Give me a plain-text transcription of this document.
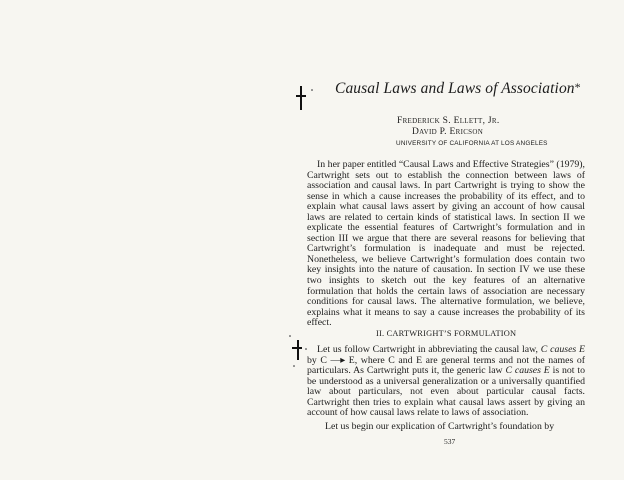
Causal Laws and Laws of Association*
Frederick S. Ellett, Jr.
David P. Ericson
UNIVERSITY OF CALIFORNIA AT LOS ANGELES

In her paper entitled “Causal Laws and Effective Strategies” (1979), Cartwright sets out to establish the connection between laws of association and causal laws. In part Cartwright is trying to show the sense in which a cause increases the probability of its effect, and to explain what causal laws assert by giving an account of how causal laws are related to certain kinds of statistical laws. In section II we explicate the essential features of Cartwright’s formulation and in section III we argue that there are several reasons for believing that Cartwright’s formulation is inadequate and must be rejected. Nonetheless, we believe Cartwright’s formulation does contain two key insights into the nature of causation. In section IV we use these two insights to sketch out the key features of an alternative formulation that holds the certain laws of association are necessary conditions for causal laws. The alternative formulation, we believe, explains what it means to say a cause increases the probability of its effect.

II. CARTWRIGHT’S FORMULATION

Let us follow Cartwright in abbreviating the causal law, C causes E by C —▸ E, where C and E are general terms and not the names of particulars. As Cartwright puts it, the generic law C causes E is not to be understood as a universal generalization or a universally quantified law about particulars, not even about particular causal facts. Cartwright then tries to explain what causal laws assert by giving an account of how causal laws relate to laws of association.

Let us begin our explication of Cartwright’s foundation by

537
